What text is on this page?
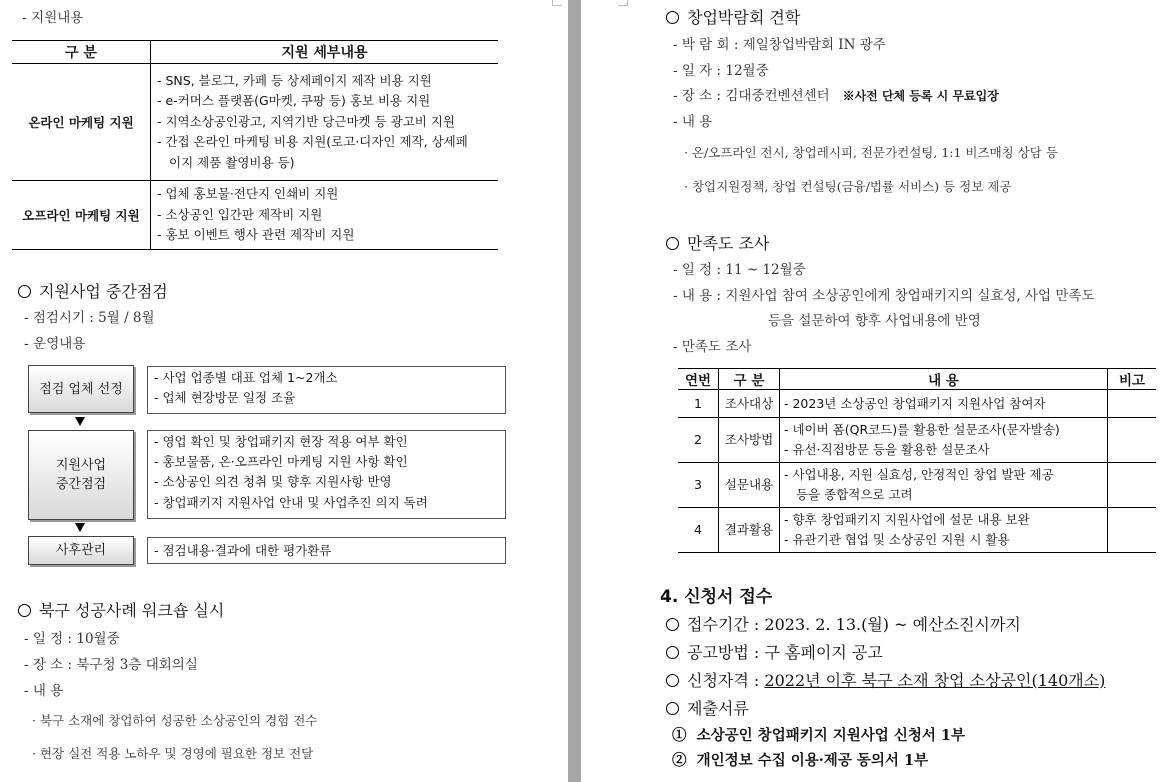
- 지원내용
구 분	지원 세부내용
온라인 마케팅 지원	- SNS, 블로그, 카페 등 상세페이지 제작 비용 지원
- e-커머스 플랫폼(G마켓, 쿠팡 등) 홍보 비용 지원
- 지역소상공인광고, 지역기반 당근마켓 등 광고비 지원
- 간접 온라인 마케팅 비용 지원(로고·디자인 제작, 상세페
이지 제품 촬영비용 등)

오프라인 마케팅 지원	- 업체 홍보물·전단지 인쇄비 지원
- 소상공인 입간판 제작비 지원
- 홍보 이벤트 행사 관련 제작비 지원
지원사업 중간점검
- 점검시기 : 5월 / 8월
- 운영내용
점검 업체 선정
- 사업 업종별 대표 업체 1~2개소
- 업체 현장방문 일정 조율
지원사업
중간점검
- 영업 확인 및 창업패키지 현장 적용 여부 확인
- 홍보물품, 온·오프라인 마케팅 지원 사항 확인
- 소상공인 의견 청취 및 향후 지원사항 반영
- 창업패키지 지원사업 안내 및 사업추진 의지 독려
사후관리	- 점검내용·결과에 대한 평가환류
북구 성공사례 워크숍 실시
- 일 정 : 10월중
- 장 소 : 북구청 3층 대회의실
- 내 용
· 북구 소재에 창업하여 성공한 소상공인의 경험 전수
· 현장 실전 적용 노하우 및 경영에 필요한 정보 전달
창업박람회 견학
- 박 람 회 : 제일창업박람회 IN 광주
- 일 자 : 12월중
- 장 소 : 김대중컨벤션센터 ※사전 단체 등록 시 무료입장
- 내 용
· 온/오프라인 전시, 창업레시피, 전문가컨설팅, 1:1 비즈매칭 상담 등
· 창업지원정책, 창업 컨설팅(금융/법률 서비스) 등 정보 제공
만족도 조사
- 일 정 : 11 ~ 12월중
- 내 용 : 지원사업 참여 소상공인에게 창업패키지의 실효성, 사업 만족도
등을 설문하여 향후 사업내용에 반영
- 만족도 조사
연번	구 분	내 용	비고
1	조사대상	- 2023년 소상공인 창업패키지 지원사업 참여자	

2	조사방법	- 네이버 폼(QR코드)를 활용한 설문조사(문자발송)
- 유선·직접방문 등을 활용한 설문조사	

3	설문내용	- 사업내용, 지원 실효성, 안정적인 창업 발판 제공
등을 종합적으로 고려	

4	결과활용	- 향후 창업패키지 지원사업에 설문 내용 보완
- 유관기관 협업 및 소상공인 지원 시 활용	

4. 신청서 접수
접수기간 : 2023. 2. 13.(월) ~ 예산소진시까지
공고방법 : 구 홈페이지 공고
신청자격 : 2022년 이후 북구 소재 창업 소상공인(140개소)
제출서류
① 소상공인 창업패키지 지원사업 신청서 1부
② 개인정보 수집 이용·제공 동의서 1부
